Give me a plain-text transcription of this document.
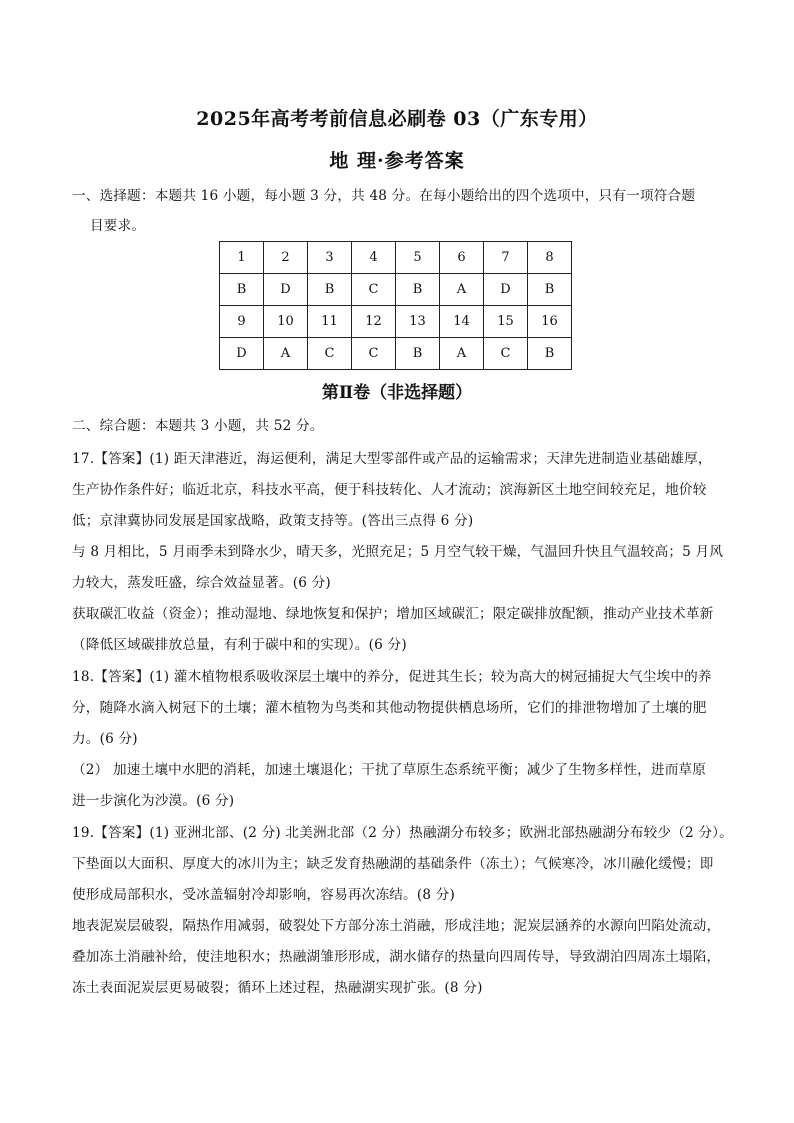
2025年高考考前信息必刷卷 03（广东专用）
地 理·参考答案
一、选择题：本题共 16 小题，每小题 3 分，共 48 分。在每小题给出的四个选项中，只有一项符合题
目要求。
1	2	3	4	5	6	7	8
B	D	B	C	B	A	D	B
9	10	11	12	13	14	15	16
D	A	C	C	B	A	C	B
第Ⅱ卷（非选择题）
二、综合题：本题共 3 小题，共 52 分。
17.【答案】(1) 距天津港近，海运便利，满足大型零部件或产品的运输需求；天津先进制造业基础雄厚，
生产协作条件好；临近北京，科技水平高，便于科技转化、人才流动；滨海新区土地空间较充足，地价较
低；京津冀协同发展是国家战略，政策支持等。(答出三点得 6 分)
与 8 月相比，5 月雨季未到降水少，晴天多，光照充足；5 月空气较干燥，气温回升快且气温较高；5 月风
力较大，蒸发旺盛，综合效益显著。(6 分)
获取碳汇收益（资金）；推动湿地、绿地恢复和保护；增加区域碳汇；限定碳排放配额，推动产业技术革新
（降低区域碳排放总量，有利于碳中和的实现）。(6 分)
18.【答案】(1) 灌木植物根系吸收深层土壤中的养分，促进其生长；较为高大的树冠捕捉大气尘埃中的养
分，随降水滴入树冠下的土壤；灌木植物为鸟类和其他动物提供栖息场所，它们的排泄物增加了土壤的肥
力。(6 分)
（2） 加速土壤中水肥的消耗，加速土壤退化；干扰了草原生态系统平衡；减少了生物多样性，进而草原
进一步演化为沙漠。(6 分)
19.【答案】(1) 亚洲北部、(2 分) 北美洲北部（2 分）热融湖分布较多；欧洲北部热融湖分布较少（2 分）。
下垫面以大面积、厚度大的冰川为主；缺乏发育热融湖的基础条件（冻土）；气候寒冷，冰川融化缓慢；即
使形成局部积水，受冰盖辐射冷却影响，容易再次冻结。(8 分)
地表泥炭层破裂，隔热作用减弱，破裂处下方部分冻土消融，形成洼地；泥炭层涵养的水源向凹陷处流动，
叠加冻土消融补给，使洼地积水；热融湖雏形形成，湖水储存的热量向四周传导，导致湖泊四周冻土塌陷，
冻土表面泥炭层更易破裂；循环上述过程，热融湖实现扩张。(8 分)
